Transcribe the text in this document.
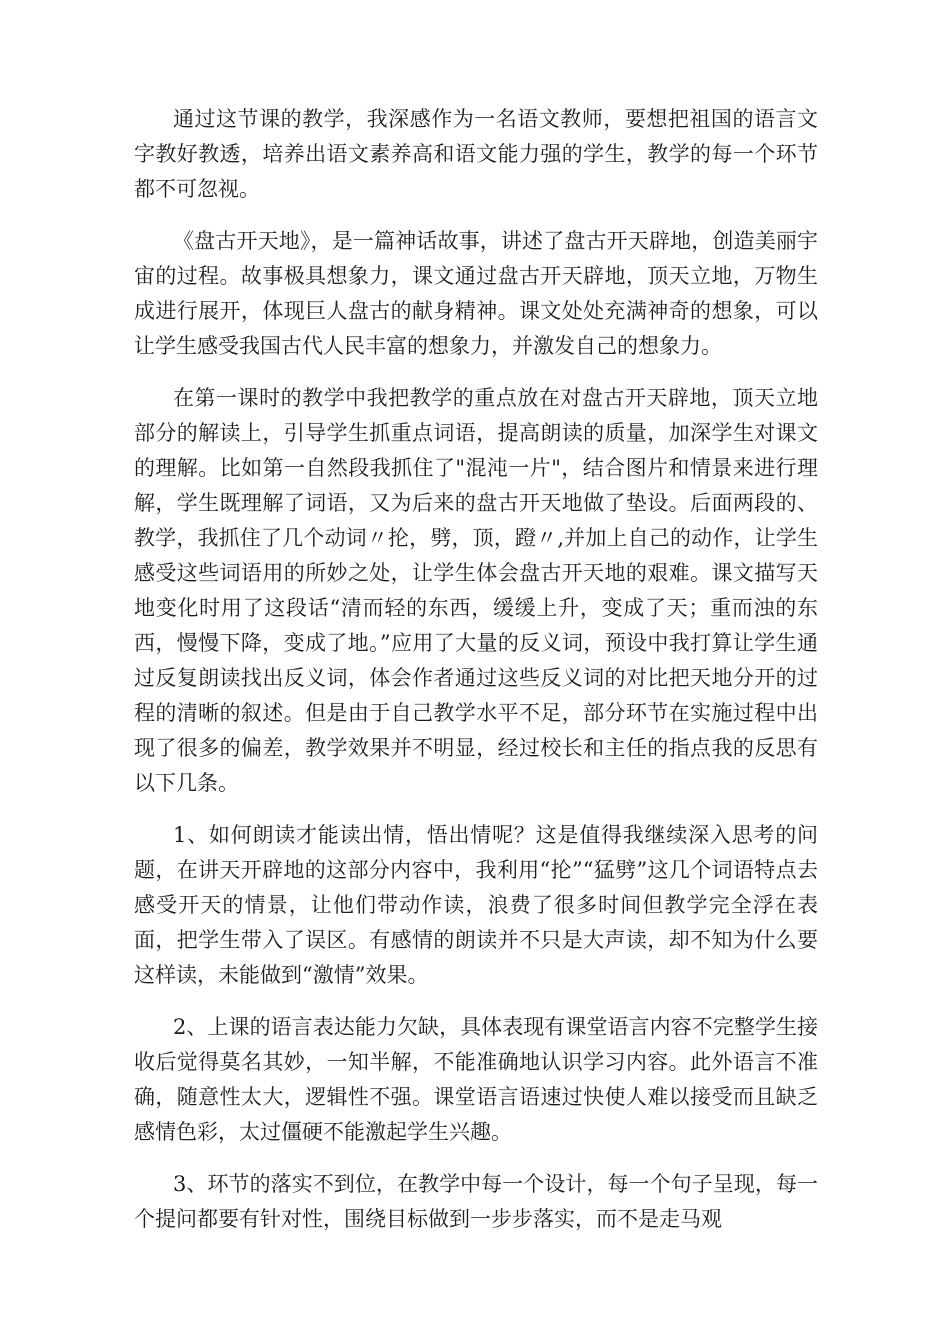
通过这节课的教学，我深感作为一名语文教师，要想把祖国的语言文字教好教透，培养出语文素养高和语文能力强的学生，教学的每一个环节都不可忽视。

《盘古开天地》，是一篇神话故事，讲述了盘古开天辟地，创造美丽宇宙的过程。故事极具想象力，课文通过盘古开天辟地，顶天立地，万物生成进行展开，体现巨人盘古的献身精神。课文处处充满神奇的想象，可以让学生感受我国古代人民丰富的想象力，并激发自己的想象力。

在第一课时的教学中我把教学的重点放在对盘古开天辟地，顶天立地部分的解读上，引导学生抓重点词语，提高朗读的质量，加深学生对课文的理解。比如第一自然段我抓住了"混沌一片"，结合图片和情景来进行理解，学生既理解了词语，又为后来的盘古开天地做了垫设。后面两段的、教学，我抓住了几个动词〃抡，劈，顶，蹬〃,并加上自己的动作，让学生感受这些词语用的所妙之处，让学生体会盘古开天地的艰难。课文描写天地变化时用了这段话“清而轻的东西，缓缓上升，变成了天；重而浊的东西，慢慢下降，变成了地。”应用了大量的反义词，预设中我打算让学生通过反复朗读找出反义词，体会作者通过这些反义词的对比把天地分开的过程的清晰的叙述。但是由于自己教学水平不足，部分环节在实施过程中出现了很多的偏差，教学效果并不明显，经过校长和主任的指点我的反思有以下几条。

1、如何朗读才能读出情，悟出情呢？这是值得我继续深入思考的问题，在讲天开辟地的这部分内容中，我利用“抡”“猛劈”这几个词语特点去感受开天的情景，让他们带动作读，浪费了很多时间但教学完全浮在表面，把学生带入了误区。有感情的朗读并不只是大声读，却不知为什么要这样读，未能做到“激情”效果。

2、上课的语言表达能力欠缺，具体表现有课堂语言内容不完整学生接收后觉得莫名其妙，一知半解，不能准确地认识学习内容。此外语言不准确，随意性太大，逻辑性不强。课堂语言语速过快使人难以接受而且缺乏感情色彩，太过僵硬不能激起学生兴趣。

3、环节的落实不到位，在教学中每一个设计，每一个句子呈现，每一个提问都要有针对性，围绕目标做到一步步落实，而不是走马观
